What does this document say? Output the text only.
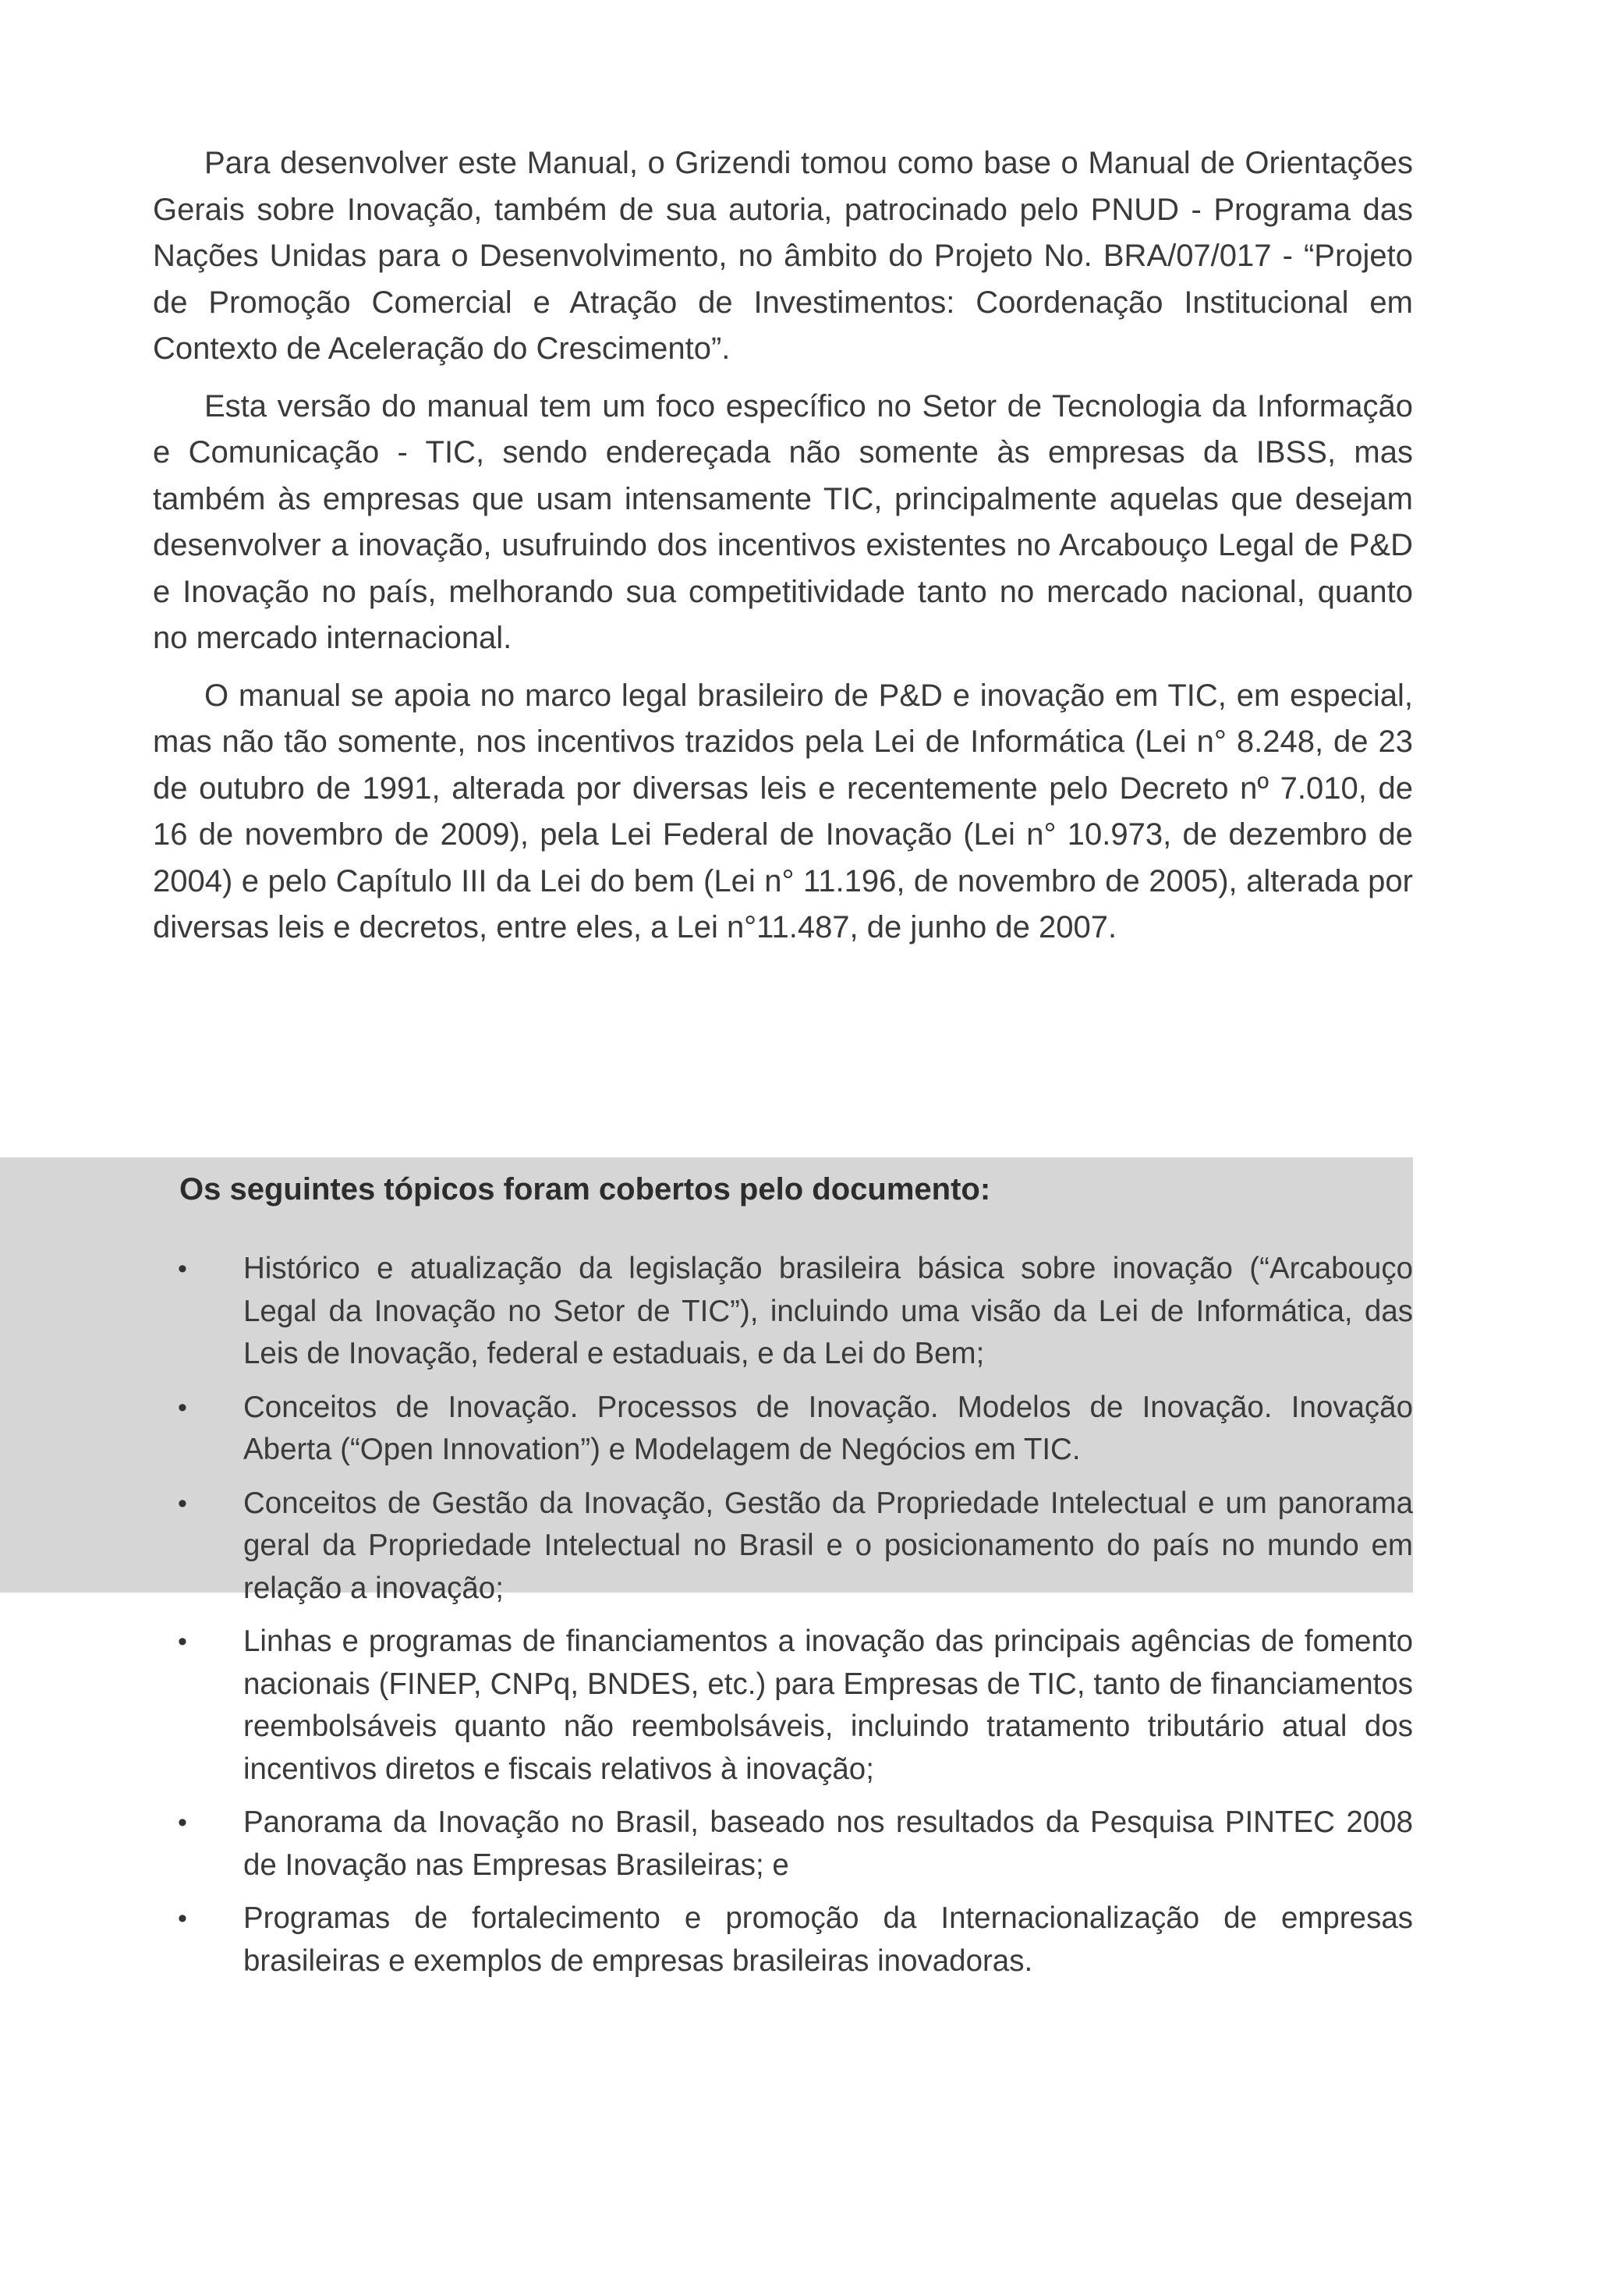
Para desenvolver este Manual, o Grizendi tomou como base o Manual de Orientações Gerais sobre Inovação, também de sua autoria, patrocinado pelo PNUD - Programa das Nações Unidas para o Desenvolvimento, no âmbito do Projeto No. BRA/07/017 - “Projeto de Promoção Comercial e Atração de Investimentos: Coordenação Institucional em Contexto de Aceleração do Crescimento”.

Esta versão do manual tem um foco específico no Setor de Tecnologia da Informação e Comunicação - TIC, sendo endereçada não somente às empresas da IBSS, mas também às empresas que usam intensamente TIC, principalmente aquelas que desejam desenvolver a inovação, usufruindo dos incentivos existentes no Arcabouço Legal de P&D e Inovação no país, melhorando sua competitividade tanto no mercado nacional, quanto no mercado internacional.

O manual se apoia no marco legal brasileiro de P&D e inovação em TIC, em especial, mas não tão somente, nos incentivos trazidos pela Lei de Informática (Lei n° 8.248, de 23 de outubro de 1991, alterada por diversas leis e recentemente pelo Decreto nº 7.010, de 16 de novembro de 2009), pela Lei Federal de Inovação (Lei n° 10.973, de dezembro de 2004) e pelo Capítulo III da Lei do bem (Lei n° 11.196, de novembro de 2005), alterada por diversas leis e decretos, entre eles, a Lei n°11.487, de junho de 2007.

Os seguintes tópicos foram cobertos pelo documento:

• Histórico e atualização da legislação brasileira básica sobre inovação (“Arcabouço Legal da Inovação no Setor de TIC”), incluindo uma visão da Lei de Informática, das Leis de Inovação, federal e estaduais, e da Lei do Bem;
• Conceitos de Inovação. Processos de Inovação. Modelos de Inovação. Inovação Aberta (“Open Innovation”) e Modelagem de Negócios em TIC.
• Conceitos de Gestão da Inovação, Gestão da Propriedade Intelectual e um panorama geral da Propriedade Intelectual no Brasil e o posicionamento do país no mundo em relação a inovação;
• Linhas e programas de financiamentos a inovação das principais agências de fomento nacionais (FINEP, CNPq, BNDES, etc.) para Empresas de TIC, tanto de financiamentos reembolsáveis quanto não reembolsáveis, incluindo tratamento tributário atual dos incentivos diretos e fiscais relativos à inovação;
• Panorama da Inovação no Brasil, baseado nos resultados da Pesquisa PINTEC 2008 de Inovação nas Empresas Brasileiras; e
• Programas de fortalecimento e promoção da Internacionalização de empresas brasileiras e exemplos de empresas brasileiras inovadoras.
